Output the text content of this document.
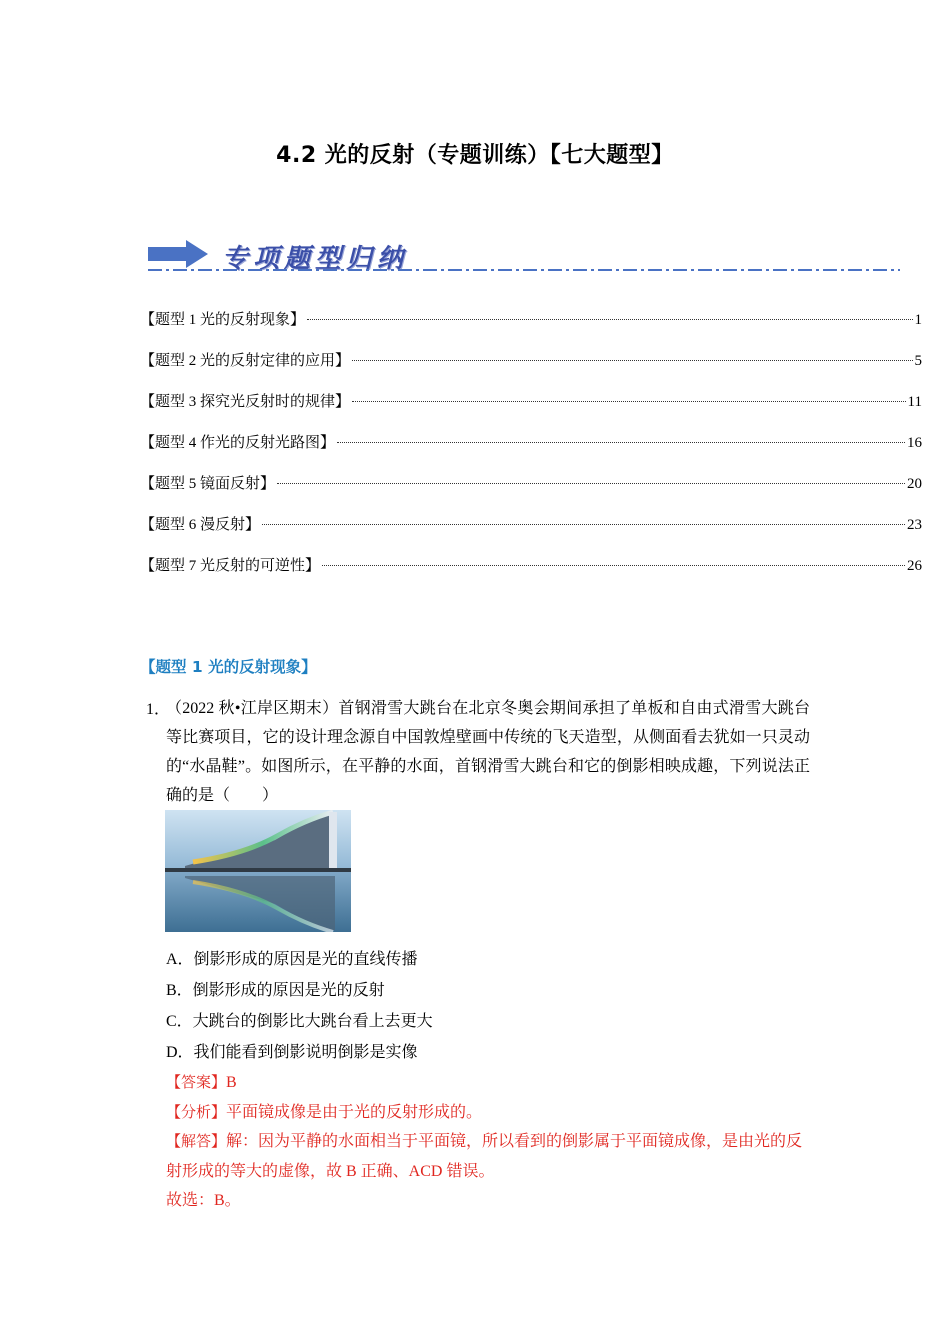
4.2 光的反射（专题训练）【七大题型】
专项题型归纳
【题型 1 光的反射现象】	1
【题型 2 光的反射定律的应用】	5
【题型 3 探究光反射时的规律】	11
【题型 4 作光的反射光路图】	16
【题型 5 镜面反射】	20
【题型 6 漫反射】	23
【题型 7 光反射的可逆性】	26
【题型 1 光的反射现象】
1．
（2022 秋•江岸区期末）首钢滑雪大跳台在北京冬奥会期间承担了单板和自由式滑雪大跳台等比赛项目，它的设计理念源自中国敦煌壁画中传统的飞天造型，从侧面看去犹如一只灵动的“水晶鞋”。如图所示，在平静的水面，首钢滑雪大跳台和它的倒影相映成趣，下列说法正确的是（　　）
A．倒影形成的原因是光的直线传播
B．倒影形成的原因是光的反射
C．大跳台的倒影比大跳台看上去更大
D．我们能看到倒影说明倒影是实像
【答案】B
【分析】平面镜成像是由于光的反射形成的。
【解答】解：因为平静的水面相当于平面镜，所以看到的倒影属于平面镜成像，是由光的反射形成的等大的虚像，故 B 正确、ACD 错误。
故选：B。
